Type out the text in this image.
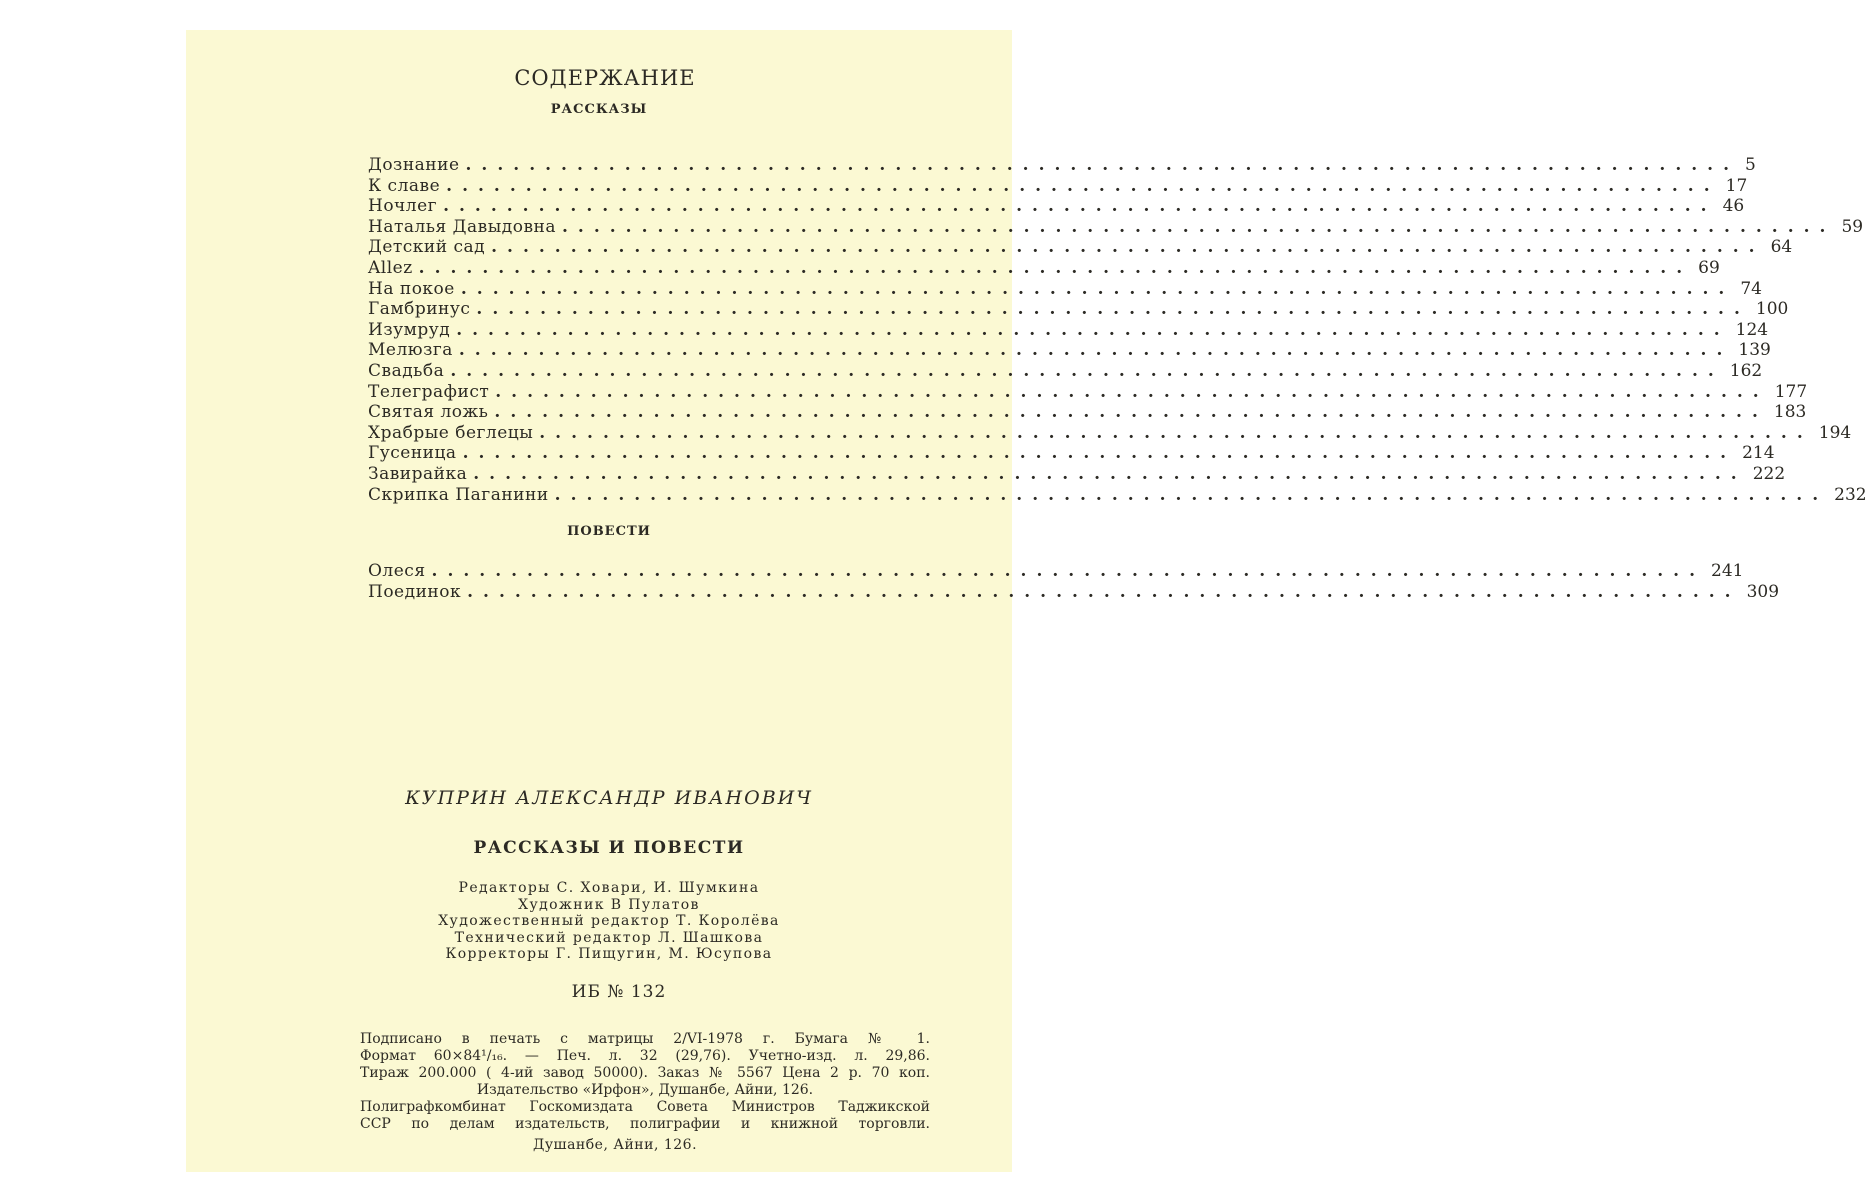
СОДЕРЖАНИЕ
РАССКАЗЫ
Дознание ................................................................................ 5
К славе ................................................................................ 17
Ночлег ................................................................................ 46
Наталья Давыдовна ................................................................................ 59
Детский сад ................................................................................ 64
Allez ................................................................................ 69
На покое ................................................................................ 74
Гамбринус ................................................................................ 100
Изумруд ................................................................................ 124
Мелюзга ................................................................................ 139
Свадьба ................................................................................ 162
Телеграфист ................................................................................ 177
Святая ложь ................................................................................ 183
Храбрые беглецы ................................................................................ 194
Гусеница ................................................................................ 214
Завирайка ................................................................................ 222
Скрипка Паганини ................................................................................ 232
ПОВЕСТИ
Олеся ................................................................................ 241
Поединок ................................................................................ 309
КУПРИН АЛЕКСАНДР ИВАНОВИЧ
РАССКАЗЫ И ПОВЕСТИ
Редакторы С. Ховари, И. Шумкина
Художник В Пулатов
Художественный редактор Т. Королёва
Технический редактор Л. Шашкова
Корректоры Г. Пищугин, М. Юсупова
ИБ № 132
Подписано в печать с матрицы 2/VI-1978 г. Бумага № 1.
Формат 60×84¹/₁₆. — Печ. л. 32 (29,76). Учетно-изд. л. 29,86.
Тираж 200.000 ( 4-ий завод 50000). Заказ № 5567 Цена 2 р. 70 коп.
Издательство «Ирфон», Душанбе, Айни, 126.
Полиграфкомбинат Госкомиздата Совета Министров Таджикской
ССР по делам издательств, полиграфии и книжной торговли.
Душанбе, Айни, 126.
